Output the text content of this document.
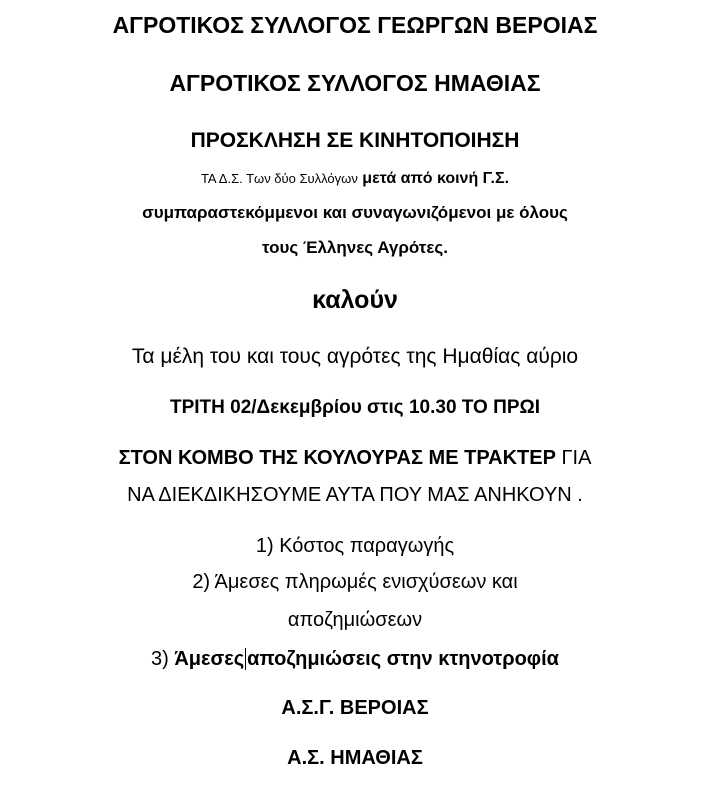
ΑΓΡΟΤΙΚΟΣ ΣΥΛΛΟΓΟΣ ΓΕΩΡΓΩΝ ΒΕΡΟΙΑΣ
ΑΓΡΟΤΙΚΟΣ ΣΥΛΛΟΓΟΣ ΗΜΑΘΙΑΣ
ΠΡΟΣΚΛΗΣΗ ΣΕ ΚΙΝΗΤΟΠΟΙΗΣΗ
ΤΑ Δ.Σ. Των δύο Συλλόγων μετά από κοινή Γ.Σ.
συμπαραστεκόμμενοι και συναγωνιζόμενοι με όλους
τους Έλληνες Αγρότες.
καλούν
Τα μέλη του και τους αγρότες της Ημαθίας αύριο
ΤΡΙΤΗ 02/Δεκεμβρίου στις 10.30 ΤΟ ΠΡΩΙ
ΣΤΟΝ ΚΟΜΒΟ ΤΗΣ ΚΟΥΛΟΥΡΑΣ ΜΕ ΤΡΑΚΤΕΡ ΓΙΑ
ΝΑ ΔΙΕΚΔΙΚΗΣΟΥΜΕ ΑΥΤΑ ΠΟΥ ΜΑΣ ΑΝΗΚΟΥΝ .
1) Κόστος παραγωγής
2) Άμεσες πληρωμές ενισχύσεων και
αποζημιώσεων
3) Άμεσες αποζημιώσεις στην κτηνοτροφία
Α.Σ.Γ. ΒΕΡΟΙΑΣ
Α.Σ. ΗΜΑΘΙΑΣ
